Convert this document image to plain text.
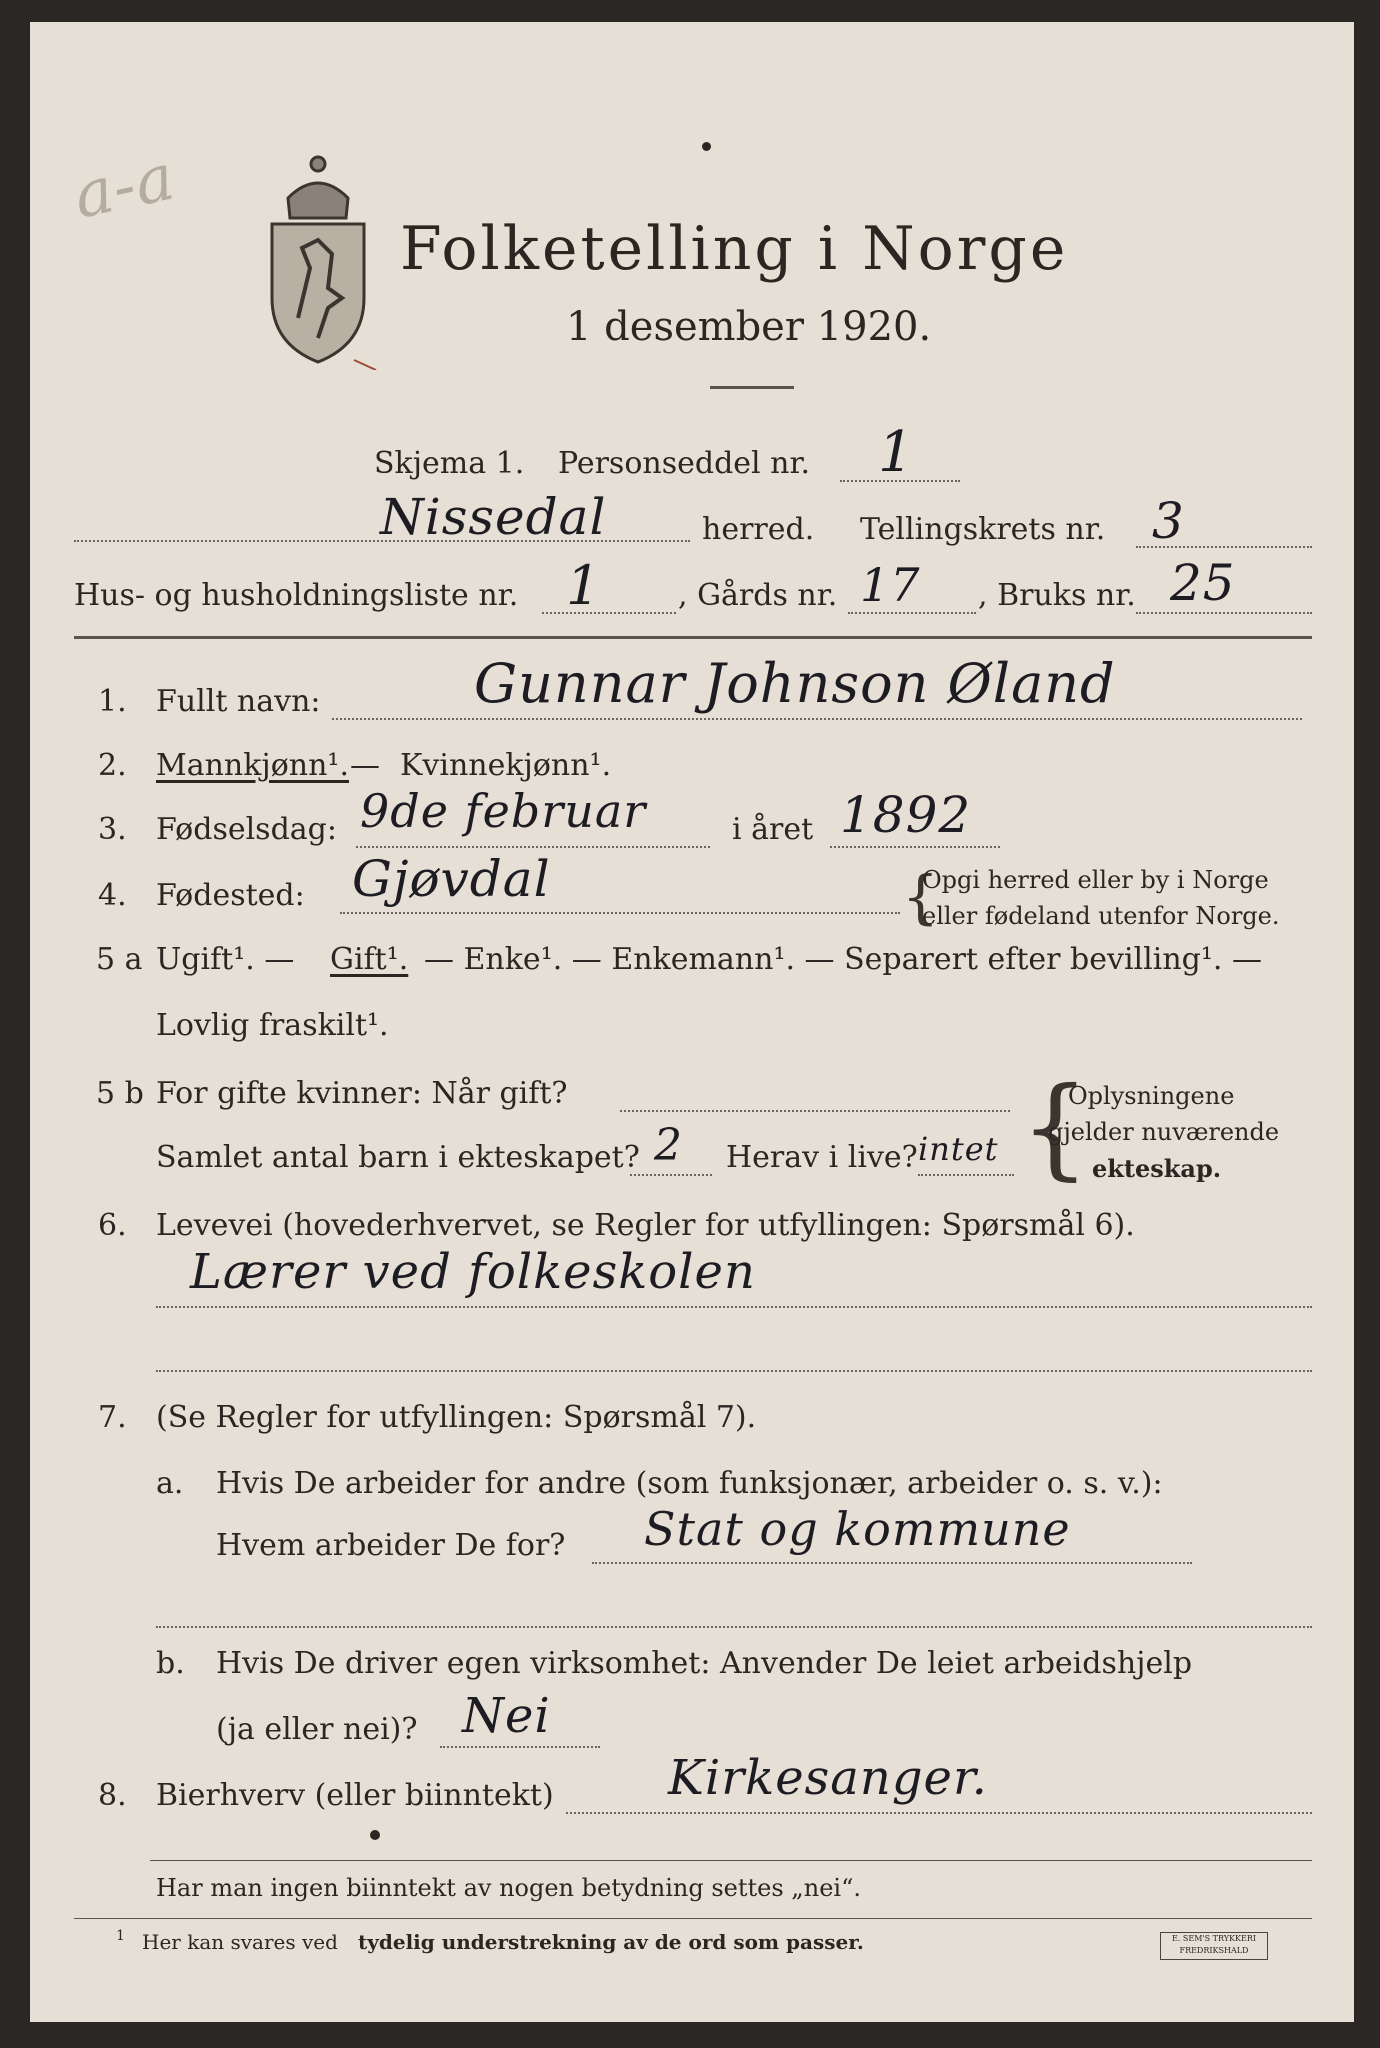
a-a
Folketelling i Norge
1 desember 1920.
Skjema 1. Personseddel nr. 1
Nissedal	herred. Tellingskrets nr. 3
Hus- og husholdningsliste nr. 1	, Gårds nr. 17 , Bruks nr. 25
1. Fullt navn:	Gunnar Johnson Øland
2. Mannkjønn¹. — Kvinnekjønn¹.
3. Fødselsdag: 9de februar	i året 1892
4. Fødested: Gjøvdal	{
Opgi herred eller by i Norge
eller fødeland utenfor Norge.
5 a Ugift¹. — Gift¹. — Enke¹. — Enkemann¹. — Separert efter bevilling¹. —
Lovlig fraskilt¹.
5 b For gifte kvinner: Når gift?
Samlet antal barn i ekteskapet? 2 Herav i live? intet {
Oplysningene
gjelder nuværende
ekteskap.
6. Levevei (hovederhvervet, se Regler for utfyllingen: Spørsmål 6).
Lærer ved folkeskolen
7. (Se Regler for utfyllingen: Spørsmål 7).
a. Hvis De arbeider for andre (som funksjonær, arbeider o. s. v.):
Hvem arbeider De for? Stat og kommune
b. Hvis De driver egen virksomhet: Anvender De leiet arbeidshjelp
(ja eller nei)? Nei
8. Bierhverv (eller biinntekt) Kirkesanger.
Har man ingen biinntekt av nogen betydning settes „nei“.
1 Her kan svares ved tydelig understrekning av de ord som passer.	E. SEM'S TRYKKERI
FREDRIKSHALD
